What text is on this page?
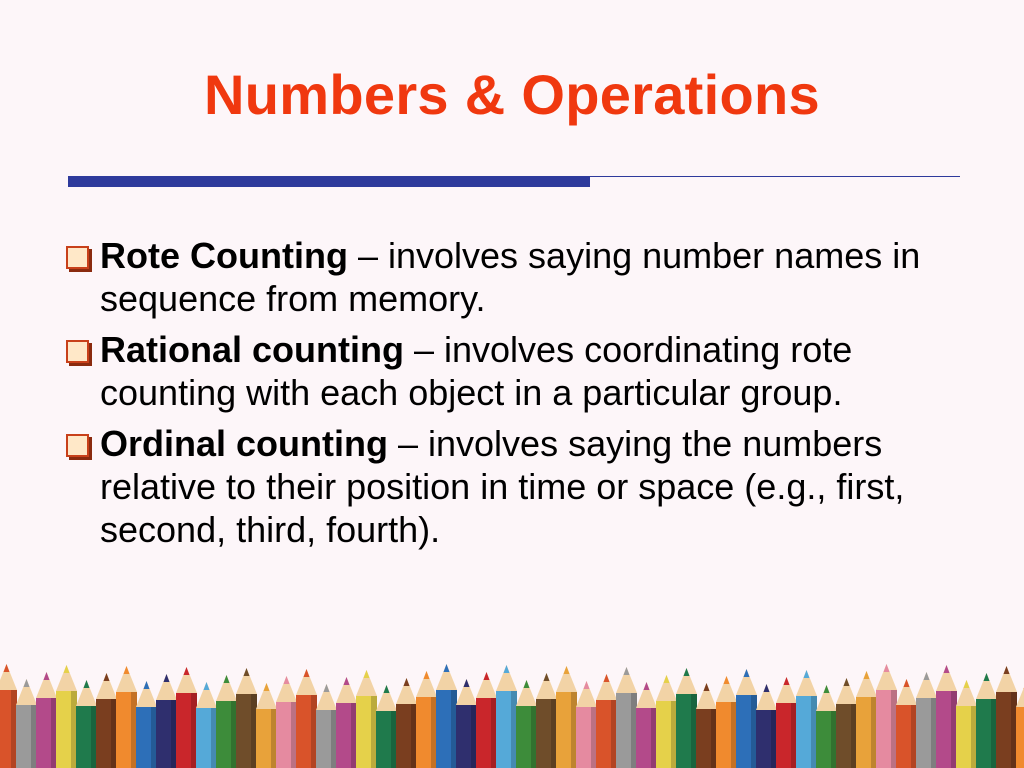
Numbers & Operations
Rote Counting – involves saying number names in sequence from memory.
Rational counting – involves coordinating rote counting with each object in a particular group.
Ordinal counting – involves saying the numbers relative to their position in time or space (e.g., first, second, third, fourth).
